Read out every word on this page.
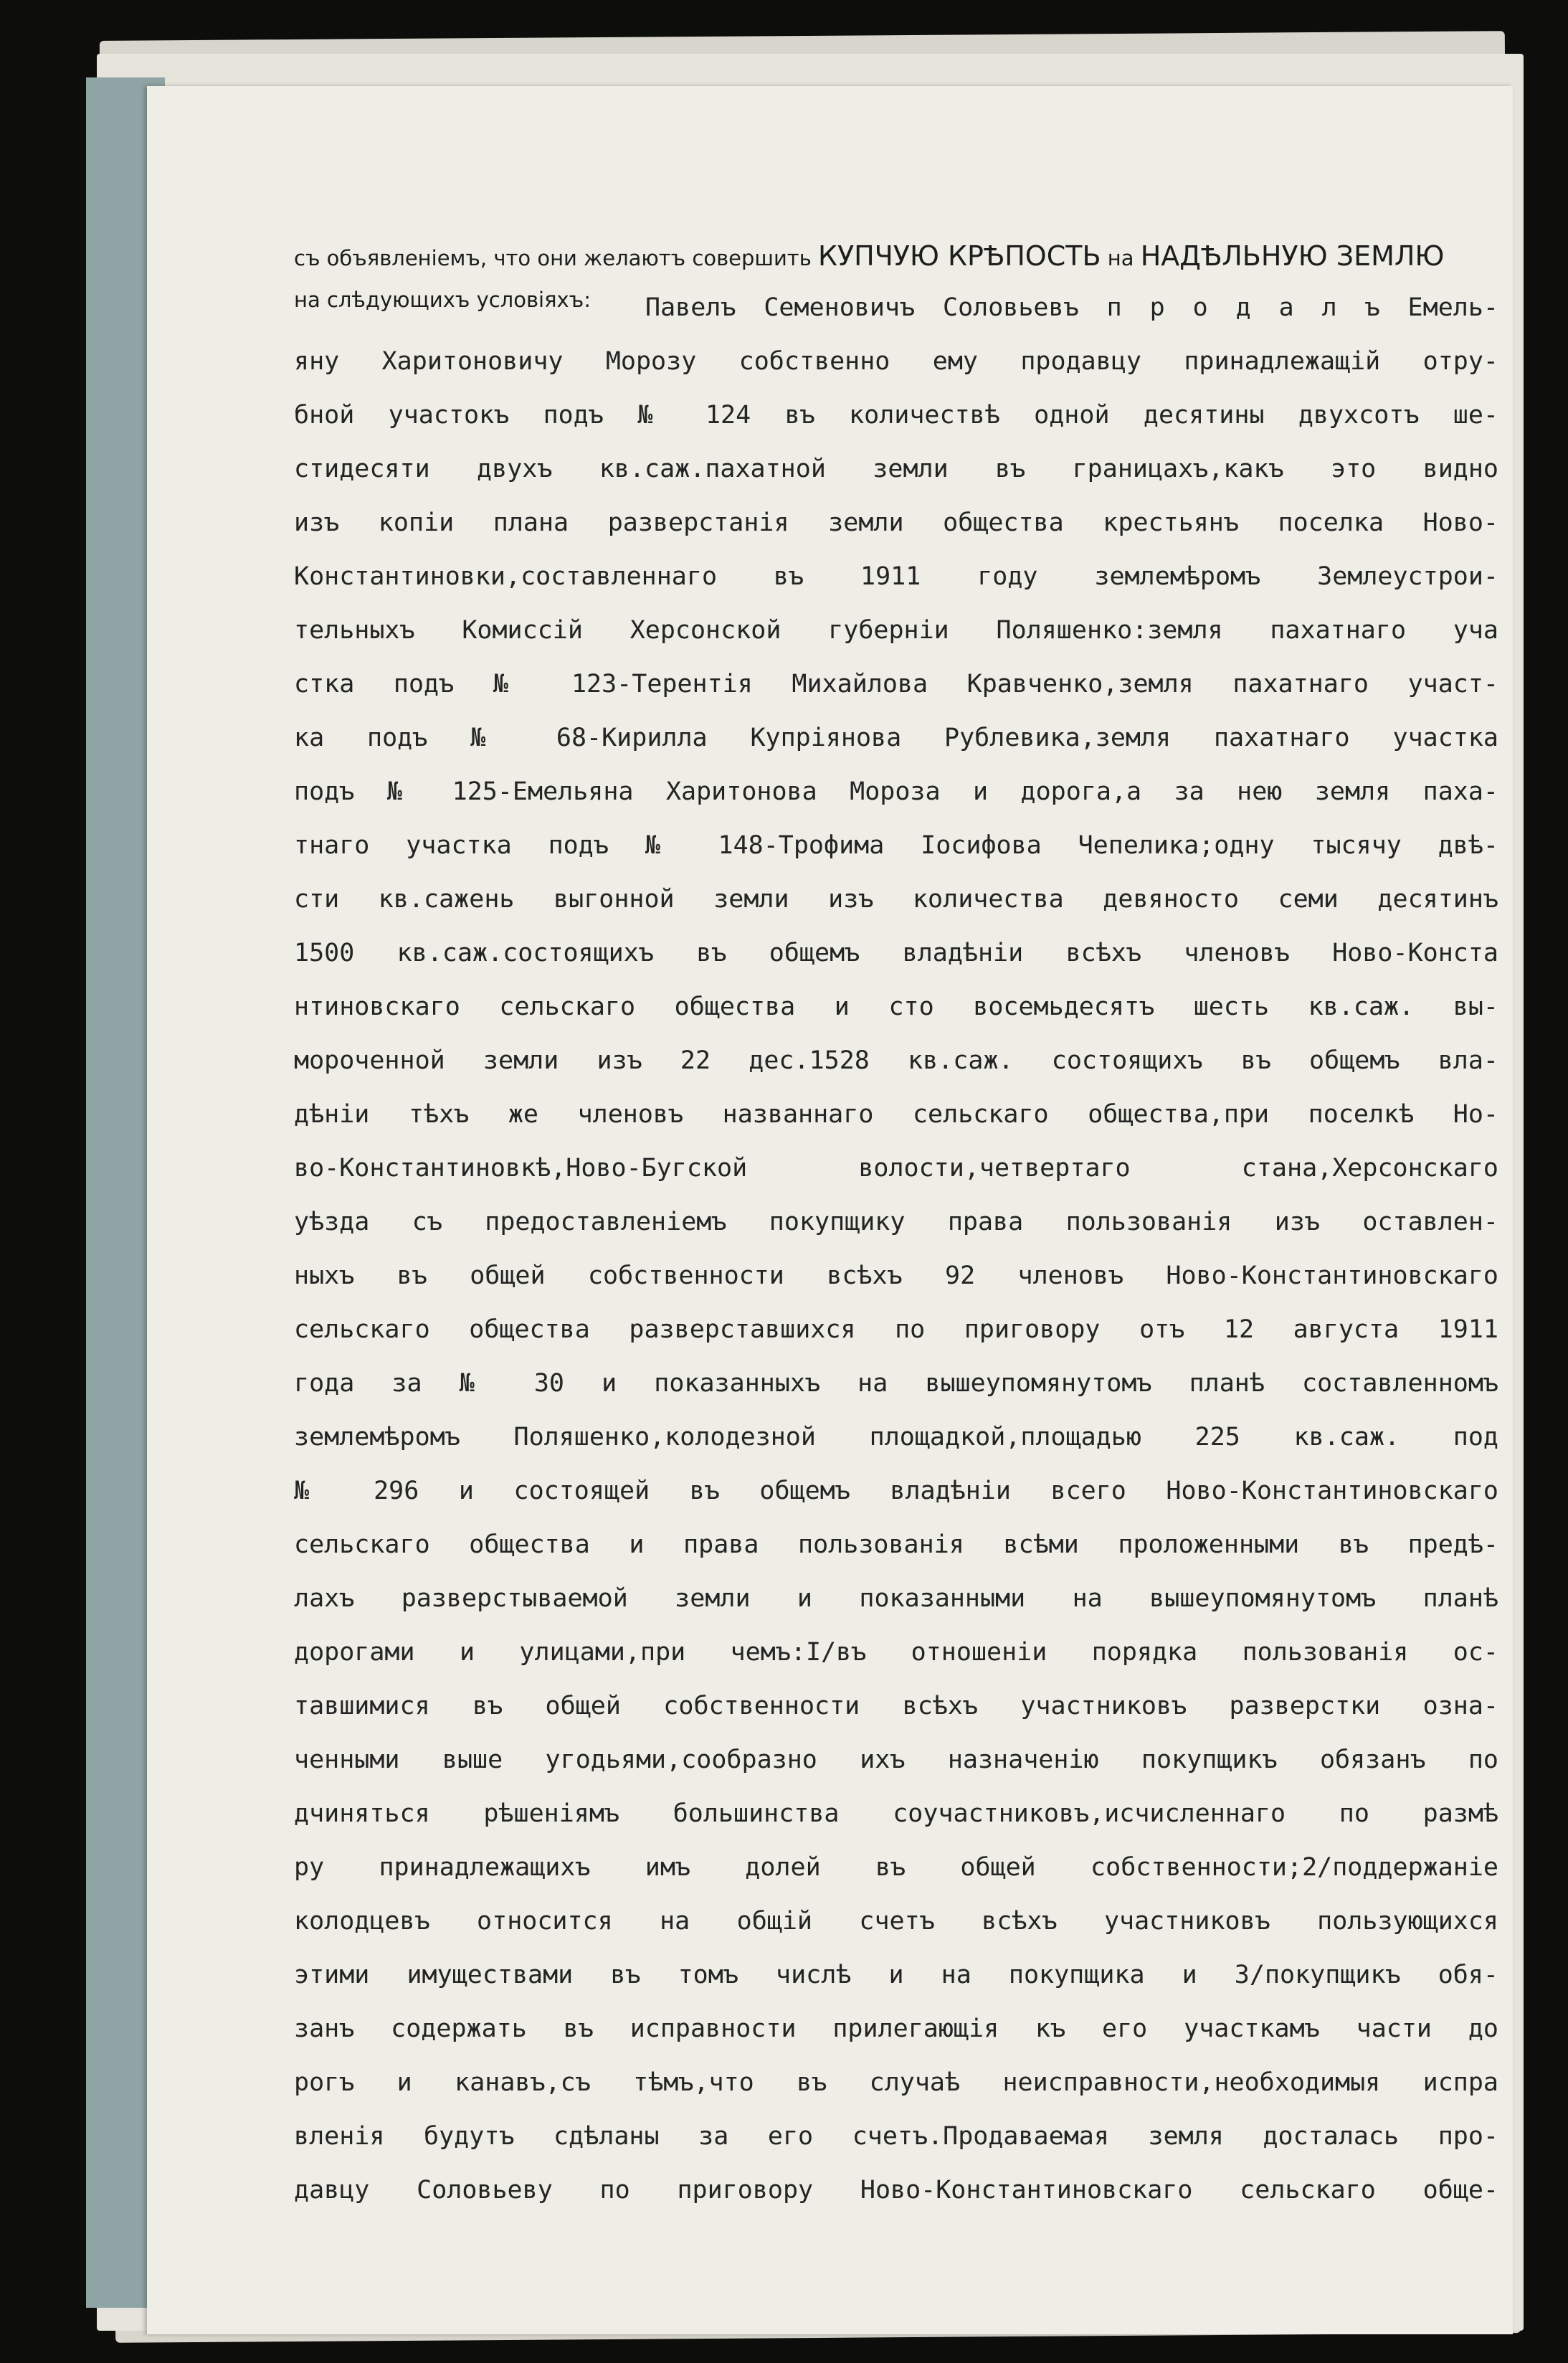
съ объявленіемъ, что они желаютъ совершить КУПЧУЮ КРѢПОСТЬ на НАДѢЛЬНУЮ ЗЕМЛЮ
на слѣдующихъ условіяхъ:	Павелъ Семеновичъ Соловьевъ п р о д а л ъ Емель-
яну Харитоновичу Морозу собственно ему продавцу принадлежащій отру-
бной участокъ подъ № 124 въ количествѣ одной десятины двухсотъ ше-
стидесяти двухъ кв.саж.пахатной земли въ границахъ,какъ это видно
изъ копіи плана разверстанія земли общества крестьянъ поселка Ново-
Константиновки,составленнаго въ 1911 году землемѣромъ Землеустрои-
тельныхъ Комиссій Херсонской губерніи Поляшенко:земля пахатнаго уча
стка подъ № 123-Терентія Михайлова Кравченко,земля пахатнаго участ-
ка подъ № 68-Кирилла Купріянова Рублевика,земля пахатнаго участка
подъ № 125-Емельяна Харитонова Мороза и дорога,а за нею земля паха-
тнаго участка подъ № 148-Трофима Іосифова Чепелика;одну тысячу двѣ-
сти кв.сажень выгонной земли изъ количества девяносто семи десятинъ
1500 кв.саж.состоящихъ въ общемъ владѣніи всѣхъ членовъ Ново-Конста
нтиновскаго сельскаго общества и сто восемьдесятъ шесть кв.саж. вы-
мороченной земли изъ 22 дес.1528 кв.саж. состоящихъ въ общемъ вла-
дѣніи тѣхъ же членовъ названнаго сельскаго общества,при поселкѣ Но-
во-Константиновкѣ,Ново-Бугской волости,четвертаго стана,Херсонскаго
уѣзда съ предоставленіемъ покупщику права пользованія изъ оставлен-
ныхъ въ общей собственности всѣхъ 92 членовъ Ново-Константиновскаго
сельскаго общества разверставшихся по приговору отъ 12 августа 1911
года за № 30 и показанныхъ на вышеупомянутомъ планѣ составленномъ
землемѣромъ Поляшенко,колодезной площадкой,площадью 225 кв.саж. под
№ 296 и состоящей въ общемъ владѣніи всего Ново-Константиновскаго
сельскаго общества и права пользованія всѣми проложенными въ предѣ-
лахъ разверстываемой земли и показанными на вышеупомянутомъ планѣ
дорогами и улицами,при чемъ:I/въ отношеніи порядка пользованія ос-
тавшимися въ общей собственности всѣхъ участниковъ разверстки озна-
ченными выше угодьями,сообразно ихъ назначенію покупщикъ обязанъ по
дчиняться рѣшеніямъ большинства соучастниковъ,исчисленнаго по размѣ
ру принадлежащихъ имъ долей въ общей собственности;2/поддержаніе
колодцевъ относится на общій счетъ всѣхъ участниковъ пользующихся
этими имуществами въ томъ числѣ и на покупщика и 3/покупщикъ обя-
занъ содержать въ исправности прилегающія къ его участкамъ части до
рогъ и канавъ,съ тѣмъ,что въ случаѣ неисправности,необходимыя испра
вленія будутъ сдѣланы за его счетъ.Продаваемая земля досталась про-
давцу Соловьеву по приговору Ново-Константиновскаго сельскаго обще-
